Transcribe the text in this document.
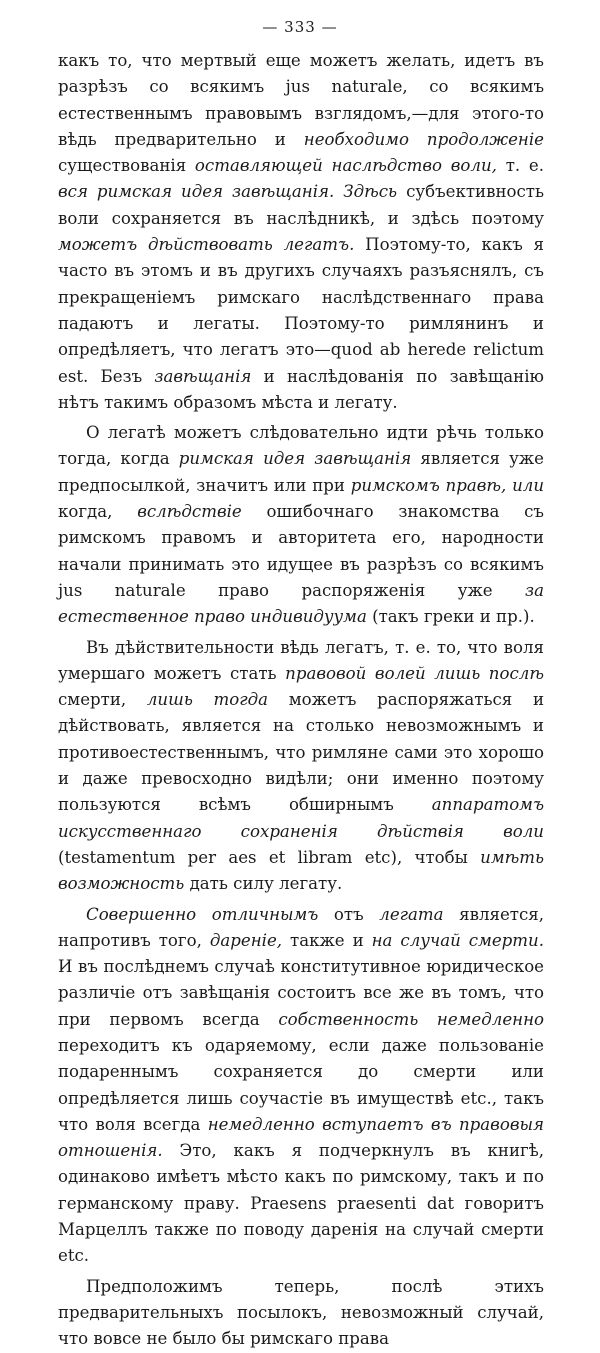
— 333 —

какъ то, что мертвый еще можетъ желать, идетъ въ разрѣзъ со всякимъ jus naturale, со всякимъ естественнымъ правовымъ взглядомъ,—для этого-то вѣдь предварительно и необходимо продолженіе существованія оставляющей наслѣдство воли, т. е. вся римская идея завѣщанія. Здѣсь субъективность воли сохраняется въ наслѣдникѣ, и здѣсь поэтому можетъ дѣйствовать легатъ. Поэтому-то, какъ я часто въ этомъ и въ другихъ случаяхъ разъяснялъ, съ прекращеніемъ римскаго наслѣдственнаго права падаютъ и легаты. Поэтому-то римлянинъ и опредѣляетъ, что легатъ это—quod ab herede relictum est. Безъ завѣщанія и наслѣдованія по завѣщанію нѣтъ такимъ образомъ мѣста и легату.

О легатѣ можетъ слѣдовательно идти рѣчь только тогда, когда римская идея завѣщанія является уже предпосылкой, значитъ или при римскомъ правѣ, или когда, вслѣдствіе ошибочнаго знакомства съ римскомъ правомъ и авторитета его, народности начали принимать это идущее въ разрѣзъ со всякимъ jus naturale право распоряженія уже за естественное право индивидуума (такъ греки и пр.).

Въ дѣйствительности вѣдь легатъ, т. е. то, что воля умершаго можетъ стать правовой волей лишь послѣ смерти, лишь тогда можетъ распоряжаться и дѣйствовать, является на столько невозможнымъ и противоестественнымъ, что римляне сами это хорошо и даже превосходно видѣли; они именно поэтому пользуются всѣмъ обширнымъ аппаратомъ искусственнаго сохраненія дѣйствія воли (testamentum per aes et libram etc), чтобы имѣть возможность дать силу легату.

Совершенно отличнымъ отъ легата является, напротивъ того, дареніе, также и на случай смерти. И въ послѣднемъ случаѣ конститутивное юридическое различіе отъ завѣщанія состоитъ все же въ томъ, что при первомъ всегда собственность немедленно переходитъ къ одаряемому, если даже пользованіе подареннымъ сохраняется до смерти или опредѣляется лишь соучастіе въ имуществѣ etc., такъ что воля всегда немедленно вступаетъ въ правовыя отношенія. Это, какъ я подчеркнулъ въ книгѣ, одинаково имѣетъ мѣсто какъ по римскому, такъ и по германскому праву. Praesens praesenti dat говоритъ Марцеллъ также по поводу даренія на случай смерти etc.

Предположимъ теперь, послѣ этихъ предварительныхъ посылокъ, невозможный случай, что вовсе не было бы римскаго права
